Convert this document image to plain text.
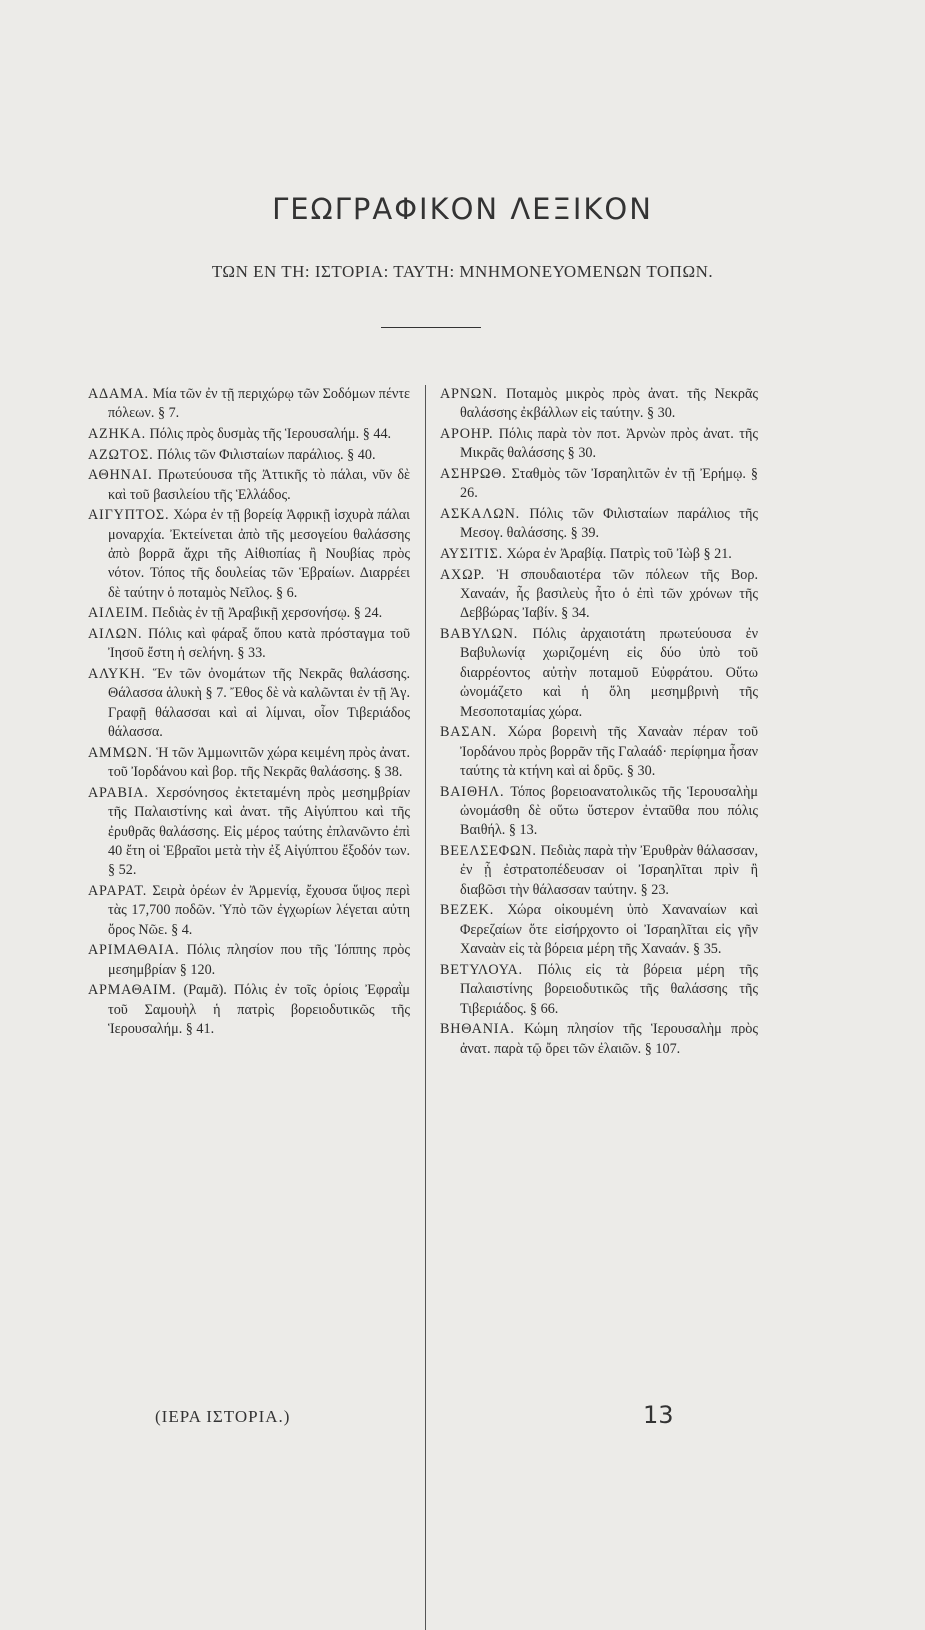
ΓΕΩΓΡΑΦΙΚΟΝ ΛΕΞΙΚΟΝ
ΤΩΝ ΕΝ ΤΗ: ΙΣΤΟΡΙΑ: ΤΑΥΤΗ: ΜΝΗΜΟΝΕΥΟΜΕΝΩΝ ΤΟΠΩΝ.

ΑΔΑΜΑ. Μία τῶν ἐν τῇ περιχώρῳ τῶν Σοδόμων πέντε πόλεων. § 7.

ΑΖΗΚΑ. Πόλις πρὸς δυσμὰς τῆς Ἱερουσαλήμ. § 44.

ΑΖΩΤΟΣ. Πόλις τῶν Φιλισταίων παράλιος. § 40.

ΑΘΗΝΑΙ. Πρωτεύουσα τῆς Ἀττικῆς τὸ πάλαι, νῦν δὲ καὶ τοῦ βασιλείου τῆς Ἑλλάδος.

ΑΙΓΥΠΤΟΣ. Χώρα ἐν τῇ βορείᾳ Ἀφρικῇ ἰσχυρὰ πάλαι μοναρχία. Ἐκτείνεται ἀπὸ τῆς μεσογείου θαλάσσης ἀπὸ βορρᾶ ἄχρι τῆς Αἰθιοπίας ἢ Νουβίας πρὸς νότον. Τόπος τῆς δουλείας τῶν Ἑβραίων. Διαρρέει δὲ ταύτην ὁ ποταμὸς Νεῖλος. § 6.

ΑΙΛΕΙΜ. Πεδιὰς ἐν τῇ Ἀραβικῇ χερσονήσῳ. § 24.

ΑΙΛΩΝ. Πόλις καὶ φάραξ ὅπου κατὰ πρόσταγμα τοῦ Ἰησοῦ ἔστη ἡ σελήνη. § 33.

ΑΛΥΚΗ. Ἕν τῶν ὀνομάτων τῆς Νεκρᾶς θαλάσσης. Θάλασσα ἁλυκὴ § 7. Ἔθος δὲ νὰ καλῶνται ἐν τῇ Ἁγ. Γραφῇ θάλασσαι καὶ αἱ λίμναι, οἷον Τιβεριάδος θάλασσα.

ΑΜΜΩΝ. Ἡ τῶν Ἀμμωνιτῶν χώρα κειμένη πρὸς ἀνατ. τοῦ Ἰορδάνου καὶ βορ. τῆς Νεκρᾶς θαλάσσης. § 38.

ΑΡΑΒΙΑ. Χερσόνησος ἐκτεταμένη πρὸς μεσημβρίαν τῆς Παλαιστίνης καὶ ἀνατ. τῆς Αἰγύπτου καὶ τῆς ἐρυθρᾶς θαλάσσης. Εἰς μέρος ταύτης ἐπλανῶντο ἐπὶ 40 ἔτη οἱ Ἑβραῖοι μετὰ τὴν ἐξ Αἰγύπτου ἔξοδόν των. § 52.

ΑΡΑΡΑΤ. Σειρὰ ὀρέων ἐν Ἀρμενίᾳ, ἔχουσα ὕψος περὶ τὰς 17,700 ποδῶν. Ὑπὸ τῶν ἐγχωρίων λέγεται αὐτη ὄρος Νῶε. § 4.

ΑΡΙΜΑΘΑΙΑ. Πόλις πλησίον που τῆς Ἰόππης πρὸς μεσημβρίαν § 120.

ΑΡΜΑΘΑΙΜ. (Ραμᾶ). Πόλις ἐν τοῖς ὁρίοις Ἐφραῒμ τοῦ Σαμουὴλ ἡ πατρὶς βορειοδυτικῶς τῆς Ἱερουσαλήμ. § 41.

ΑΡΝΩΝ. Ποταμὸς μικρὸς πρὸς ἀνατ. τῆς Νεκρᾶς θαλάσσης ἐκβάλλων εἰς ταύτην. § 30.

ΑΡΟΗΡ. Πόλις παρὰ τὸν ποτ. Ἀρνὼν πρὸς ἀνατ. τῆς Μικρᾶς θαλάσσης § 30.

ΑΣΗΡΩΘ. Σταθμὸς τῶν Ἰσραηλιτῶν ἐν τῇ Ἐρήμῳ. § 26.

ΑΣΚΑΛΩΝ. Πόλις τῶν Φιλισταίων παράλιος τῆς Μεσογ. θαλάσσης. § 39.

ΑΥΣΙΤΙΣ. Χώρα ἐν Ἀραβίᾳ. Πατρὶς τοῦ Ἰὼβ § 21.

ΑΧΩΡ. Ἡ σπουδαιοτέρα τῶν πόλεων τῆς Βορ. Χαναάν, ἧς βασιλεὺς ἦτο ὁ ἐπὶ τῶν χρόνων τῆς Δεββώρας Ἰαβίν. § 34.

ΒΑΒΥΛΩΝ. Πόλις ἀρχαιοτάτη πρωτεύουσα ἐν Βαβυλωνίᾳ χωριζομένη εἰς δύο ὑπὸ τοῦ διαρρέοντος αὐτὴν ποταμοῦ Εὐφράτου. Οὕτω ὠνομάζετο καὶ ἡ ὅλη μεσημβρινὴ τῆς Μεσοποταμίας χώρα.

ΒΑΣΑΝ. Χώρα βορεινὴ τῆς Χαναὰν πέραν τοῦ Ἰορδάνου πρὸς βορρᾶν τῆς Γαλαάδ· περίφημα ἦσαν ταύτης τὰ κτήνη καὶ αἱ δρῦς. § 30.

ΒΑΙΘΗΛ. Τόπος βορειοανατολικῶς τῆς Ἱερουσαλὴμ ὠνομάσθη δὲ οὕτω ὕστερον ἐνταῦθα που πόλις Βαιθήλ. § 13.

ΒΕΕΛΣΕΦΩΝ. Πεδιὰς παρὰ τὴν Ἐρυθρὰν θάλασσαν, ἐν ᾗ ἐστρατοπέδευσαν οἱ Ἰσραηλῖται πρὶν ἢ διαβῶσι τὴν θάλασσαν ταύτην. § 23.

ΒΕΖΕΚ. Χώρα οἰκουμένη ὑπὸ Χαναναίων καὶ Φερεζαίων ὅτε εἰσήρχοντο οἱ Ἰσραηλῖται εἰς γῆν Χαναὰν εἰς τὰ βόρεια μέρη τῆς Χαναάν. § 35.

ΒΕΤΥΛΟΥΑ. Πόλις εἰς τὰ βόρεια μέρη τῆς Παλαιστίνης βορειοδυτικῶς τῆς θαλάσσης τῆς Τιβεριάδος. § 66.

ΒΗΘΑΝΙΑ. Κώμη πλησίον τῆς Ἱερουσαλὴμ πρὸς ἀνατ. παρὰ τῷ ὄρει τῶν ἐλαιῶν. § 107.

(ΙΕΡΑ ΙΣΤΟΡΙΑ.)	13
